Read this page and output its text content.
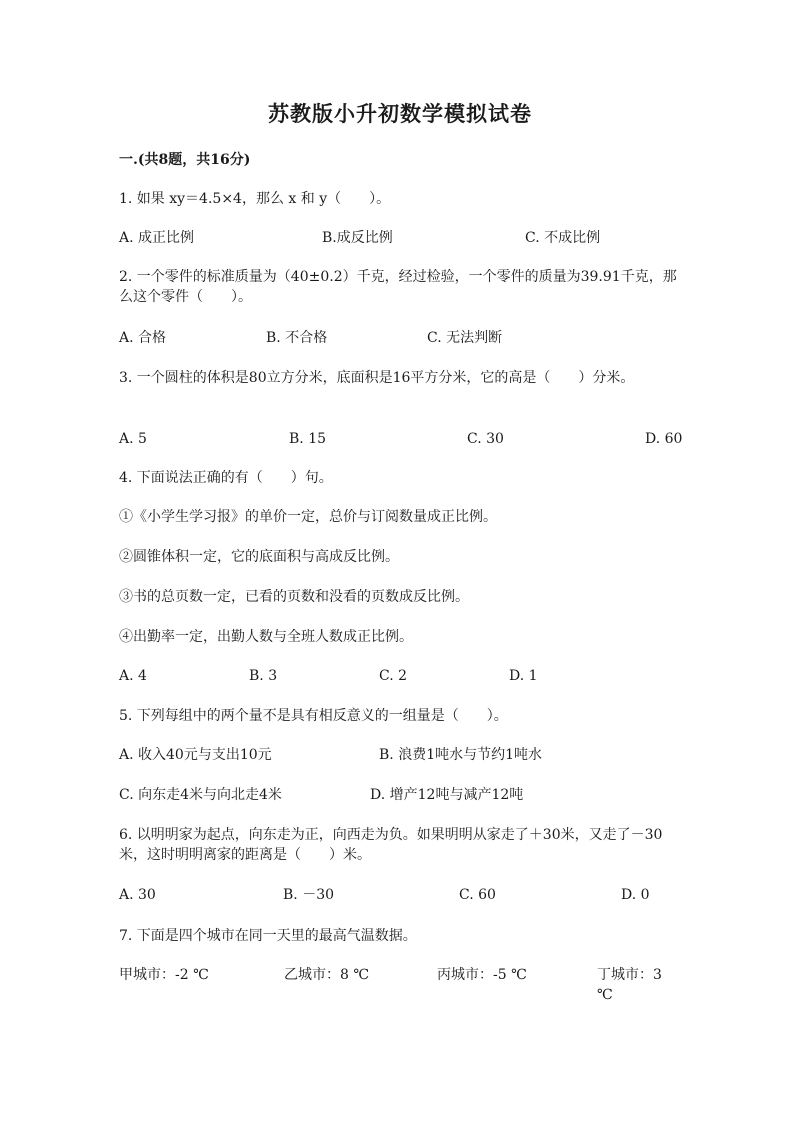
苏教版小升初数学模拟试卷
一.(共8题，共16分)
1. 如果 xy＝4.5×4，那么 x 和 y（　　）。
A. 成正比例	B.成反比例	C. 不成比例
2. 一个零件的标准质量为（40±0.2）千克，经过检验，一个零件的质量为39.91千克，那么这个零件（　　）。
A. 合格	B. 不合格	C. 无法判断
3. 一个圆柱的体积是80立方分米，底面积是16平方分米，它的高是（　　）分米。
A. 5	B. 15	C. 30	D. 60
4. 下面说法正确的有（　　）句。
①《小学生学习报》的单价一定，总价与订阅数量成正比例。
②圆锥体积一定，它的底面积与高成反比例。
③书的总页数一定，已看的页数和没看的页数成反比例。
④出勤率一定，出勤人数与全班人数成正比例。
A. 4	B. 3	C. 2	D. 1
5. 下列每组中的两个量不是具有相反意义的一组量是（　　）。
A. 收入40元与支出10元	B. 浪费1吨水与节约1吨水
C. 向东走4米与向北走4米	D. 增产12吨与减产12吨
6. 以明明家为起点，向东走为正，向西走为负。如果明明从家走了＋30米，又走了－30米，这时明明离家的距离是（　　）米。
A. 30	B. －30	C. 60	D. 0
7. 下面是四个城市在同一天里的最高气温数据。
甲城市：-2 ℃	乙城市：8 ℃	丙城市：-5 ℃	丁城市：3 ℃
